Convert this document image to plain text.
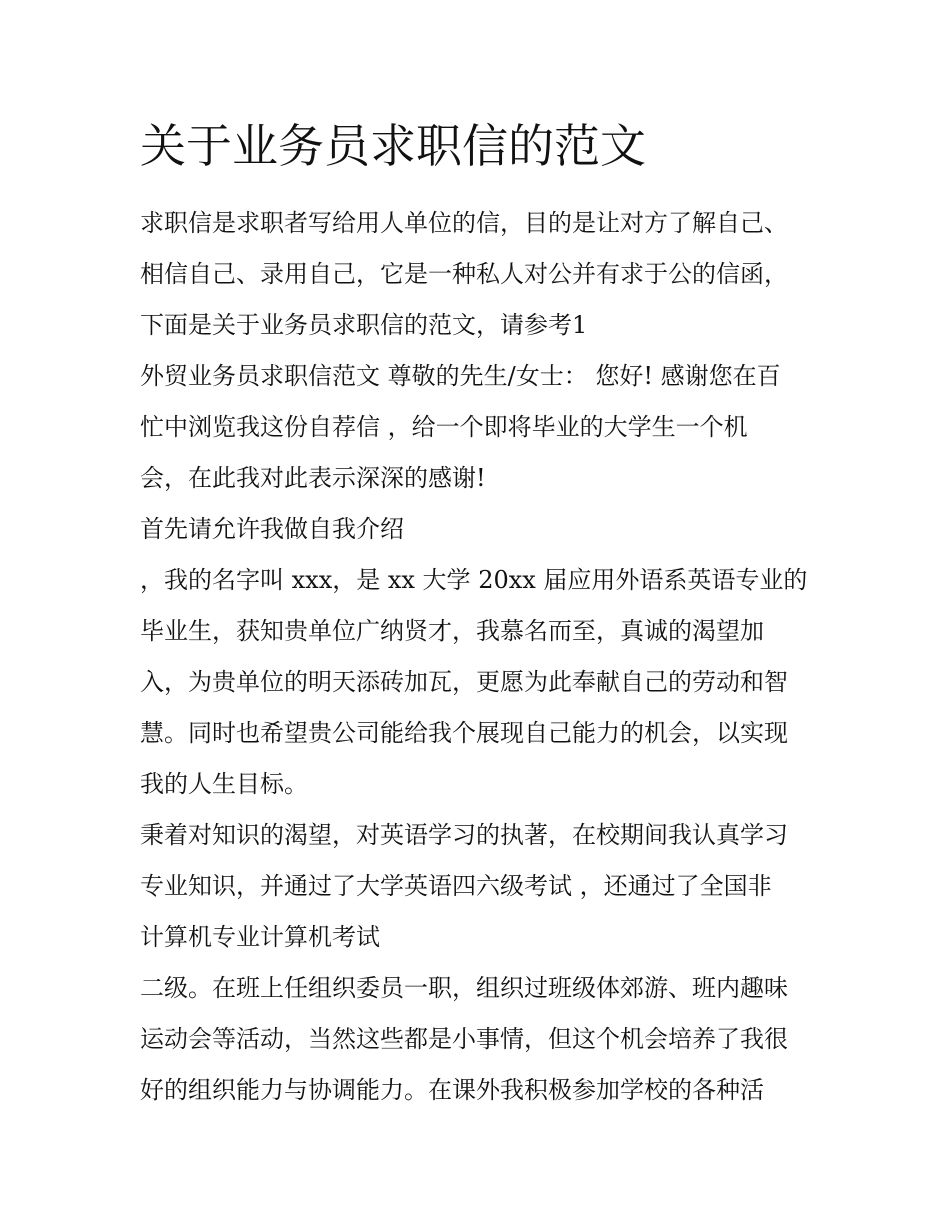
关于业务员求职信的范文

求职信是求职者写给用人单位的信，目的是让对方了解自己、

相信自己、录用自己，它是一种私人对公并有求于公的信函，

下面是关于业务员求职信的范文，请参考1

外贸业务员求职信范文 尊敬的先生/女士： 您好! 感谢您在百

忙中浏览我这份自荐信 ，给一个即将毕业的大学生一个机

会，在此我对此表示深深的感谢!

首先请允许我做自我介绍

，我的名字叫 xxx，是 xx 大学 20xx 届应用外语系英语专业的

毕业生，获知贵单位广纳贤才，我慕名而至，真诚的渴望加

入，为贵单位的明天添砖加瓦，更愿为此奉献自己的劳动和智

慧。同时也希望贵公司能给我个展现自己能力的机会，以实现

我的人生目标。

秉着对知识的渴望，对英语学习的执著，在校期间我认真学习

专业知识，并通过了大学英语四六级考试 ，还通过了全国非

计算机专业计算机考试

二级。在班上任组织委员一职，组织过班级体郊游、班内趣味

运动会等活动，当然这些都是小事情，但这个机会培养了我很

好的组织能力与协调能力。在课外我积极参加学校的各种活
